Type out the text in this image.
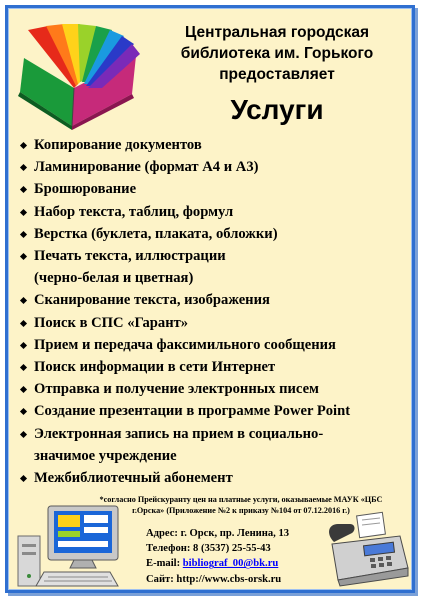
Центральная городская
библиотека им. Горького
предоставляет
Услуги
Копирование документов
Ламинирование (формат А4 и А3)
Брошюрование
Набор текста, таблиц, формул
Верстка (буклета, плаката, обложки)
Печать текста, иллюстрации
(черно-белая и цветная)
Сканирование текста, изображения
Поиск в СПС «Гарант»
Прием и передача факсимильного сообщения
Поиск информации в сети Интернет
Отправка и получение электронных писем
Создание презентации в программе Power Point
Электронная запись на прием в социально-
значимое учреждение
Межбиблиотечный абонемент
*согласно Прейскуранту цен на платные услуги, оказываемые МАУК «ЦБС
г.Орска» (Приложение №2 к приказу №104 от 07.12.2016 г.)
Адрес: г. Орск, пр. Ленина, 13
Телефон: 8 (3537) 25-55-43
E-mail: bibliograf_00@bk.ru
Сайт: http://www.cbs-orsk.ru
